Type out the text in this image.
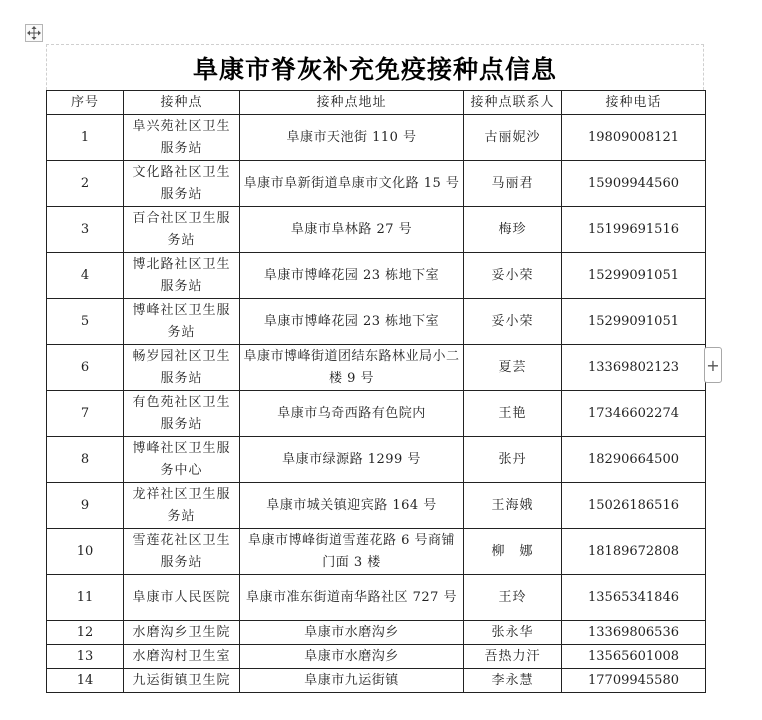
阜康市脊灰补充免疫接种点信息
序号	接种点	接种点地址	接种点联系人	接种电话
1	阜兴苑社区卫生服务站	阜康市天池街 110 号	古丽妮沙	19809008121
2	文化路社区卫生服务站	阜康市阜新街道阜康市文化路 15 号	马丽君	15909944560
3	百合社区卫生服务站	阜康市阜林路 27 号	梅珍	15199691516
4	博北路社区卫生服务站	阜康市博峰花园 23 栋地下室	妥小荣	15299091051
5	博峰社区卫生服务站	阜康市博峰花园 23 栋地下室	妥小荣	15299091051
6	畅岁园社区卫生服务站	阜康市博峰街道团结东路林业局小二楼 9 号	夏芸	13369802123
7	有色苑社区卫生服务站	阜康市乌奇西路有色院内	王艳	17346602274
8	博峰社区卫生服务中心	阜康市绿源路 1299 号	张丹	18290664500
9	龙祥社区卫生服务站	阜康市城关镇迎宾路 164 号	王海娥	15026186516
10	雪莲花社区卫生服务站	阜康市博峰街道雪莲花路 6 号商铺门面 3 楼	柳　娜	18189672808
11	阜康市人民医院	阜康市准东街道南华路社区 727 号	王玲	13565341846
12	水磨沟乡卫生院	阜康市水磨沟乡	张永华	13369806536
13	水磨沟村卫生室	阜康市水磨沟乡	吾热力汗	13565601008
14	九运街镇卫生院	阜康市九运街镇	李永慧	17709945580
+
